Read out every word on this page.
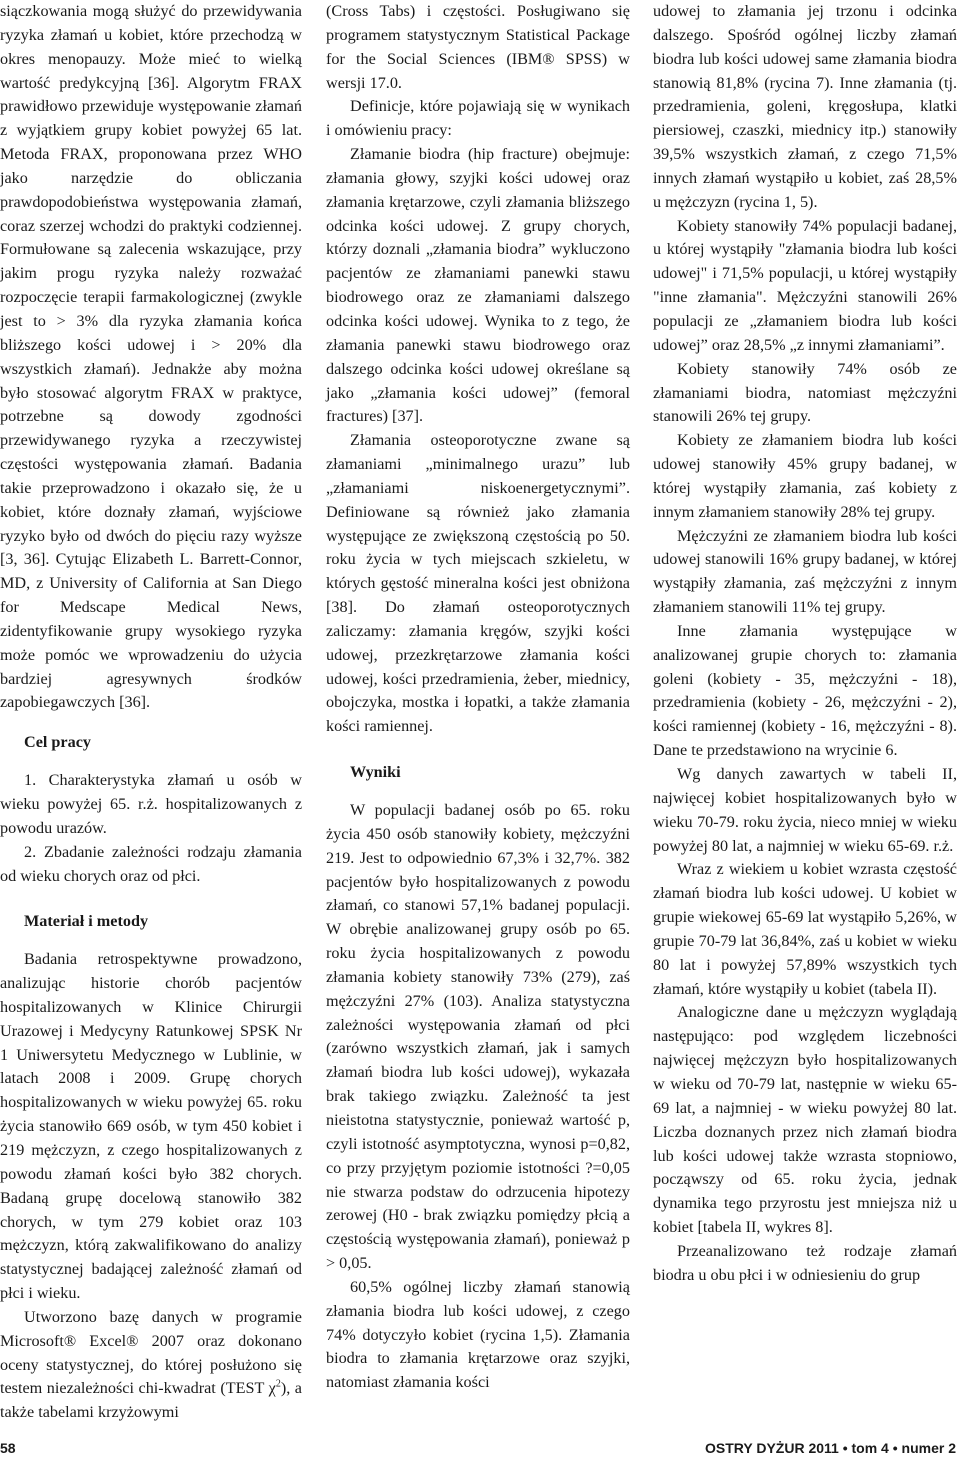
siączkowania mogą służyć do przewidywania ryzyka złamań u kobiet, które przechodzą w okres menopauzy. Może mieć to wielką wartość predykcyjną [36]. Algorytm FRAX prawidłowo przewiduje występowanie złamań z wyjątkiem grupy kobiet powyżej 65 lat. Metoda FRAX, proponowana przez WHO jako narzędzie do obliczania prawdopodobieństwa występowania złamań, coraz szerzej wchodzi do praktyki codziennej. Formułowane są zalecenia wskazujące, przy jakim progu ryzyka należy rozważać rozpoczęcie terapii farmakologicznej (zwykle jest to > 3% dla ryzyka złamania końca bliższego kości udowej i > 20% dla wszystkich złamań). Jednakże aby można było stosować algorytm FRAX w praktyce, potrzebne są dowody zgodności przewidywanego ryzyka a rzeczywistej częstości występowania złamań. Badania takie przeprowadzono i okazało się, że u kobiet, które doznały złamań, wyjściowe ryzyko było od dwóch do pięciu razy wyższe [3, 36]. Cytując Elizabeth L. Barrett-Connor, MD, z University of California at San Diego for Medscape Medical News, zidentyfikowanie grupy wysokiego ryzyka może pomóc we wprowadzeniu do użycia bardziej agresywnych środków zapobiegawczych [36].

Cel pracy
1. Charakterystyka złamań u osób w wieku powyżej 65. r.ż. hospitalizowanych z powodu urazów.
2. Zbadanie zależności rodzaju złamania od wieku chorych oraz od płci.
Materiał i metody

Badania retrospektywne prowadzono, analizując historie chorób pacjentów hospitalizowanych w Klinice Chirurgii Urazowej i Medycyny Ratunkowej SPSK Nr 1 Uniwersytetu Medycznego w Lublinie, w latach 2008 i 2009. Grupę chorych hospitalizowanych w wieku powyżej 65. roku życia stanowiło 669 osób, w tym 450 kobiet i 219 mężczyzn, z czego hospitalizowanych z powodu złamań kości było 382 chorych. Badaną grupę docelową stanowiło 382 chorych, w tym 279 kobiet oraz 103 mężczyzn, którą zakwalifikowano do analizy statystycznej badającej zależność złamań od płci i wieku.

Utworzono bazę danych w programie Microsoft® Excel® 2007 oraz dokonano oceny statystycznej, do której posłużono się testem niezależności chi-kwadrat (TEST $\chi^2$), a także tabelami krzyżowymi

(Cross Tabs) i częstości. Posługiwano się programem statystycznym Statistical Package for the Social Sciences (IBM® SPSS) w wersji 17.0.

Definicje, które pojawiają się w wynikach i omówieniu pracy:

Złamanie biodra (hip fracture) obejmuje: złamania głowy, szyjki kości udowej oraz złamania krętarzowe, czyli złamania bliższego odcinka kości udowej. Z grupy chorych, którzy doznali „złamania biodra” wykluczono pacjentów ze złamaniami panewki stawu biodrowego oraz ze złamaniami dalszego odcinka kości udowej. Wynika to z tego, że złamania panewki stawu biodrowego oraz dalszego odcinka kości udowej określane są jako „złamania kości udowej” (femoral fractures) [37].

Złamania osteoporotyczne zwane są złamaniami „minimalnego urazu” lub „złamaniami niskoenergetycznymi”. Definiowane są również jako złamania występujące ze zwiększoną częstością po 50. roku życia w tych miejscach szkieletu, w których gęstość mineralna kości jest obniżona [38]. Do złamań osteoporotycznych zaliczamy: złamania kręgów, szyjki kości udowej, przezkrętarzowe złamania kości udowej, kości przedramienia, żeber, miednicy, obojczyka, mostka i łopatki, a także złamania kości ramiennej.

Wyniki

W populacji badanej osób po 65. roku życia 450 osób stanowiły kobiety, mężczyźni 219. Jest to odpowiednio 67,3% i 32,7%. 382 pacjentów było hospitalizowanych z powodu złamań, co stanowi 57,1% badanej populacji. W obrębie analizowanej grupy osób po 65. roku życia hospitalizowanych z powodu złamania kobiety stanowiły 73% (279), zaś mężczyźni 27% (103). Analiza statystyczna zależności występowania złamań od płci (zarówno wszystkich złamań, jak i samych złamań biodra lub kości udowej), wykazała brak takiego związku. Zależność ta jest nieistotna statystycznie, ponieważ wartość p, czyli istotność asymptotyczna, wynosi p=0,82, co przy przyjętym poziomie istotności ?=0,05 nie stwarza podstaw do odrzucenia hipotezy zerowej (H0 - brak związku pomiędzy płcią a częstością występowania złamań), ponieważ p > 0,05.

60,5% ogólnej liczby złamań stanowią złamania biodra lub kości udowej, z czego 74% dotyczyło kobiet (rycina 1,5). Złamania biodra to złamania krętarzowe oraz szyjki, natomiast złamania kości

udowej to złamania jej trzonu i odcinka dalszego. Spośród ogólnej liczby złamań biodra lub kości udowej same złamania biodra stanowią 81,8% (rycina 7). Inne złamania (tj. przedramienia, goleni, kręgosłupa, klatki piersiowej, czaszki, miednicy itp.) stanowiły 39,5% wszystkich złamań, z czego 71,5% innych złamań wystąpiło u kobiet, zaś 28,5% u mężczyzn (rycina 1, 5).

Kobiety stanowiły 74% populacji badanej, u której wystąpiły "złamania biodra lub kości udowej" i 71,5% populacji, u której wystąpiły "inne złamania". Mężczyźni stanowili 26% populacji ze „złamaniem biodra lub kości udowej” oraz 28,5% „z innymi złamaniami”.

Kobiety stanowiły 74% osób ze złamaniami biodra, natomiast mężczyźni stanowili 26% tej grupy.

Kobiety ze złamaniem biodra lub kości udowej stanowiły 45% grupy badanej, w której wystąpiły złamania, zaś kobiety z innym złamaniem stanowiły 28% tej grupy.

Mężczyźni ze złamaniem biodra lub kości udowej stanowili 16% grupy badanej, w której wystąpiły złamania, zaś mężczyźni z innym złamaniem stanowili 11% tej grupy.

Inne złamania występujące w analizowanej grupie chorych to: złamania goleni (kobiety - 35, mężczyźni - 18), przedramienia (kobiety - 26, mężczyźni - 2), kości ramiennej (kobiety - 16, mężczyźni - 8). Dane te przedstawiono na wrycinie 6.

Wg danych zawartych w tabeli II, najwięcej kobiet hospitalizowanych było w wieku 70-79. roku życia, nieco mniej w wieku powyżej 80 lat, a najmniej w wieku 65-69. r.ż.

Wraz z wiekiem u kobiet wzrasta częstość złamań biodra lub kości udowej. U kobiet w grupie wiekowej 65-69 lat wystąpiło 5,26%, w grupie 70-79 lat 36,84%, zaś u kobiet w wieku 80 lat i powyżej 57,89% wszystkich tych złamań, które wystąpiły u kobiet (tabela II).

Analogiczne dane u mężczyzn wyglądają następująco: pod względem liczebności najwięcej mężczyzn było hospitalizowanych w wieku od 70-79 lat, następnie w wieku 65-69 lat, a najmniej - w wieku powyżej 80 lat. Liczba doznanych przez nich złamań biodra lub kości udowej także wzrasta stopniowo, począwszy od 65. roku życia, jednak dynamika tego przyrostu jest mniejsza niż u kobiet [tabela II, wykres 8].

Przeanalizowano też rodzaje złamań biodra u obu płci i w odniesieniu do grup

58	OSTRY DYŻUR 2011 • tom 4 • numer 2
